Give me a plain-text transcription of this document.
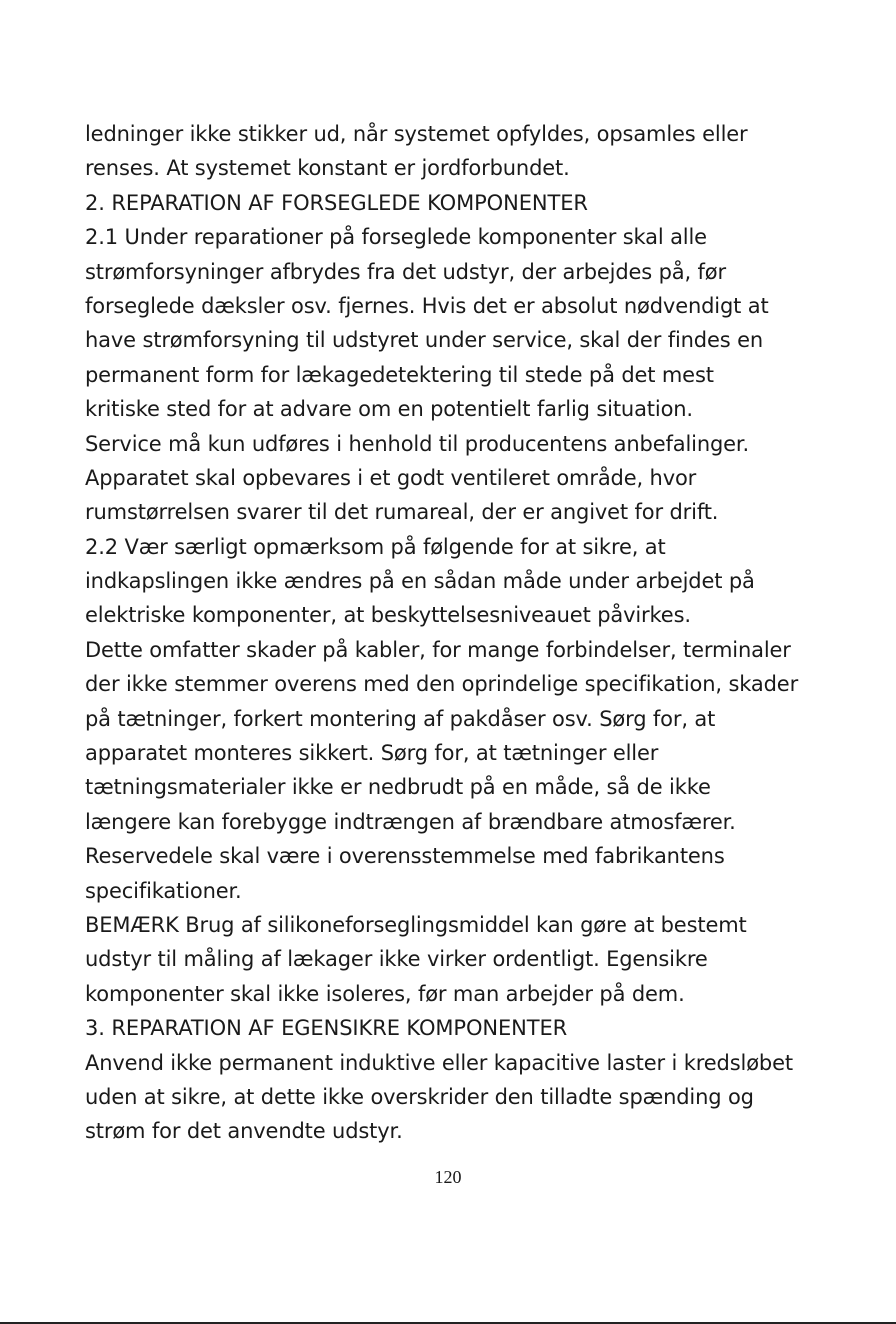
ledninger ikke stikker ud, når systemet opfyldes, opsamles eller
renses. At systemet konstant er jordforbundet.
2. REPARATION AF FORSEGLEDE KOMPONENTER
2.1 Under reparationer på forseglede komponenter skal alle
strømforsyninger afbrydes fra det udstyr, der arbejdes på, før
forseglede dæksler osv. fjernes. Hvis det er absolut nødvendigt at
have strømforsyning til udstyret under service, skal der findes en
permanent form for lækagedetektering til stede på det mest
kritiske sted for at advare om en potentielt farlig situation.
Service må kun udføres i henhold til producentens anbefalinger.
Apparatet skal opbevares i et godt ventileret område, hvor
rumstørrelsen svarer til det rumareal, der er angivet for drift.
2.2 Vær særligt opmærksom på følgende for at sikre, at
indkapslingen ikke ændres på en sådan måde under arbejdet på
elektriske komponenter, at beskyttelsesniveauet påvirkes.
Dette omfatter skader på kabler, for mange forbindelser, terminaler
der ikke stemmer overens med den oprindelige specifikation, skader
på tætninger, forkert montering af pakdåser osv. Sørg for, at
apparatet monteres sikkert. Sørg for, at tætninger eller
tætningsmaterialer ikke er nedbrudt på en måde, så de ikke
længere kan forebygge indtrængen af brændbare atmosfærer.
Reservedele skal være i overensstemmelse med fabrikantens
specifikationer.
BEMÆRK Brug af silikoneforseglingsmiddel kan gøre at bestemt
udstyr til måling af lækager ikke virker ordentligt. Egensikre
komponenter skal ikke isoleres, før man arbejder på dem.
3. REPARATION AF EGENSIKRE KOMPONENTER
Anvend ikke permanent induktive eller kapacitive laster i kredsløbet
uden at sikre, at dette ikke overskrider den tilladte spænding og
strøm for det anvendte udstyr.
120
